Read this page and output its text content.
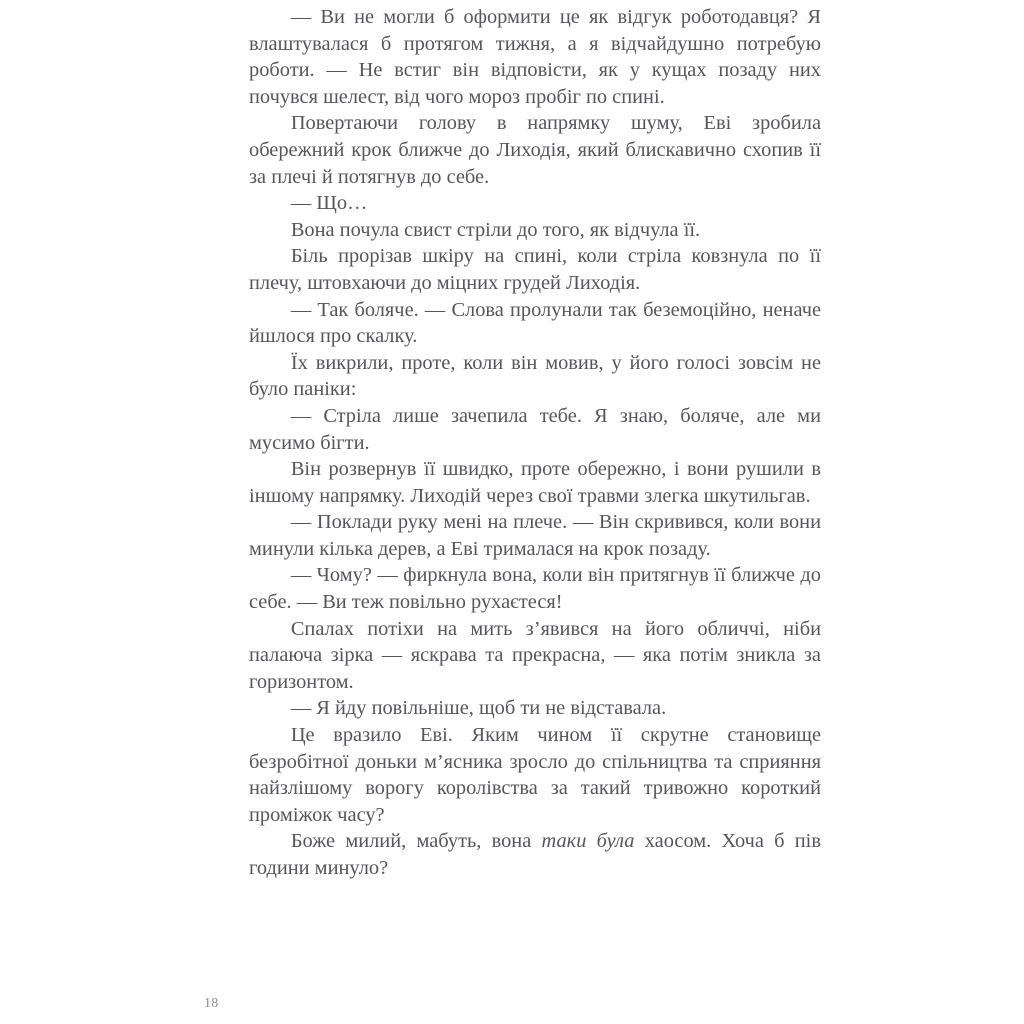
— Ви не могли б оформити це як відгук роботодавця? Я влаштувалася б протягом тижня, а я відчайдушно потребую роботи. — Не встиг він відповісти, як у кущах позаду них почувся шелест, від чого мороз пробіг по спині.

Повертаючи голову в напрямку шуму, Еві зробила обережний крок ближче до Лиходія, який блискавично схопив її за плечі й потягнув до себе.

— Що…

Вона почула свист стріли до того, як відчула її.

Біль прорізав шкіру на спині, коли стріла ковзнула по її плечу, штовхаючи до міцних грудей Лиходія.

— Так боляче. — Слова пролунали так беземоційно, неначе йшлося про скалку.

Їх викрили, проте, коли він мовив, у його голосі зовсім не було паніки:

— Стріла лише зачепила тебе. Я знаю, боляче, але ми мусимо бігти.

Він розвернув її швидко, проте обережно, і вони рушили в іншому напрямку. Лиходій через свої травми злегка шкутильгав.

— Поклади руку мені на плече. — Він скривився, коли вони минули кілька дерев, а Еві трималася на крок позаду.

— Чому? — фиркнула вона, коли він притягнув її ближче до себе. — Ви теж повільно рухаєтеся!

Спалах потіхи на мить з’явився на його обличчі, ніби палаюча зірка — яскрава та прекрасна, — яка потім зникла за горизонтом.

— Я йду повільніше, щоб ти не відставала.

Це вразило Еві. Яким чином її скрутне становище безробітної доньки м’ясника зросло до спільництва та сприяння найзлішому ворогу королівства за такий тривожно короткий проміжок часу?

Боже милий, мабуть, вона таки була хаосом. Хоча б пів години минуло?

18
